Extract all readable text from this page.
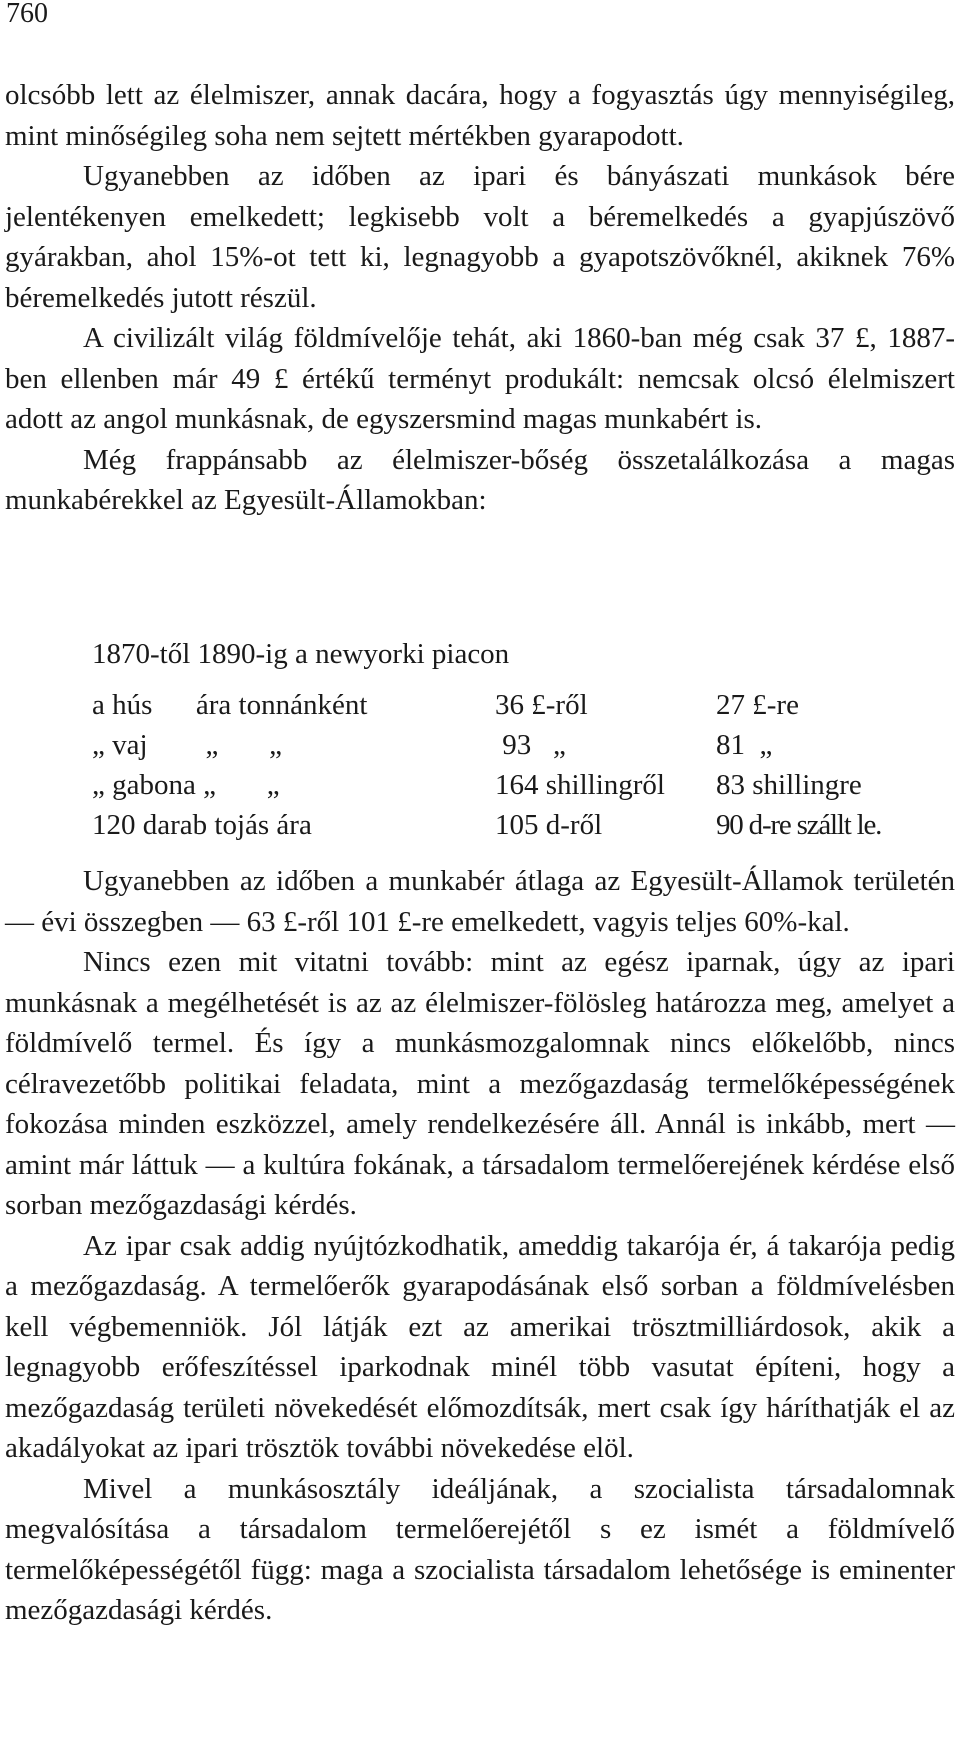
760

olcsóbb lett az élelmiszer, annak dacára, hogy a fogyasztás úgy mennyiségileg, mint minőségileg soha nem sejtett mértékben gyarapodott.

Ugyanebben az időben az ipari és bányászati munkások bére jelentékenyen emelkedett; legkisebb volt a béremelkedés a gyapjúszövő gyárakban, ahol 15%-ot tett ki, legnagyobb a gyapotszövőknél, akiknek 76% béremelkedés jutott részül.

A civilizált világ földmívelője tehát, aki 1860-ban még csak 37 £, 1887-ben ellenben már 49 £ értékű terményt produkált: nemcsak olcsó élelmiszert adott az angol munkásnak, de egyszersmind magas munkabért is.

Még frappánsabb az élelmiszer-bőség összetalálkozása a magas munkabérekkel az Egyesült-Államokban:

1870-től 1890-ig a newyorki piacon
a hús      ára tonnánként	36 £-ről	27 £-re
„ vaj        „       „	93   „	81  „
„ gabona „       „	164 shillingről 83 shillingre
120 darab tojás ára	105 d-ről	90 d-re szállt le.

Ugyanebben az időben a munkabér átlaga az Egyesült-Államok területén — évi összegben — 63 £-ről 101 £-re emelkedett, vagyis teljes 60%-kal.

Nincs ezen mit vitatni tovább: mint az egész iparnak, úgy az ipari munkásnak a megélhetését is az az élelmiszer-fölösleg határozza meg, amelyet a földmívelő termel. És így a munkásmozgalomnak nincs előkelőbb, nincs célravezetőbb politikai feladata, mint a mezőgazdaság termelőképességének fokozása minden eszközzel, amely rendelkezésére áll. Annál is inkább, mert — amint már láttuk — a kultúra fokának, a társadalom termelőerejének kérdése első sorban mezőgazdasági kérdés.

Az ipar csak addig nyújtózkodhatik, ameddig takarója ér, á takarója pedig a mezőgazdaság. A termelőerők gyarapodásának első sorban a földmívelésben kell végbemenniök. Jól látják ezt az amerikai trösztmilliárdosok, akik a legnagyobb erőfeszítéssel iparkodnak minél több vasutat építeni, hogy a mezőgazdaság területi növekedését előmozdítsák, mert csak így háríthatják el az akadályokat az ipari trösztök további növekedése elöl.

Mivel a munkásosztály ideáljának, a szocialista társadalomnak megvalósítása a társadalom termelőerejétől s ez ismét a földmívelő termelőképességétől függ: maga a szocialista társadalom lehetősége is eminenter mezőgazdasági kérdés.
